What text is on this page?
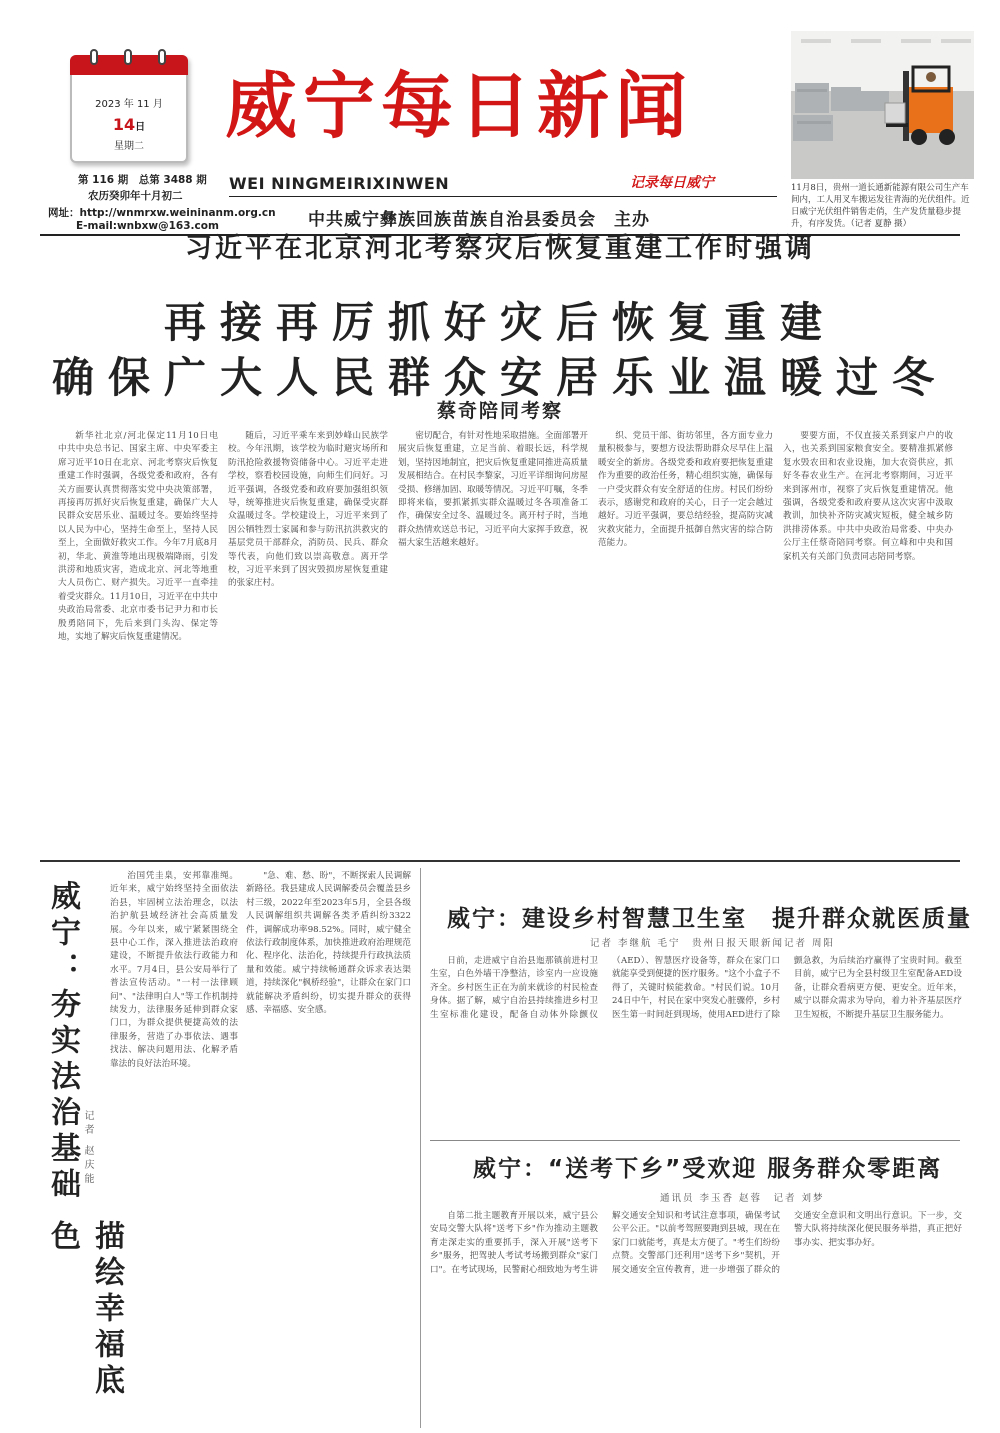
2023 年 11 月
14日
星期二
第 116 期　总第 3488 期
农历癸卯年十月初二
网址：http://wnmrxw.weininanm.org.cn
E-mail:wnbxw@163.com
威宁每日新闻
WEI NINGMEIRIXINWEN	记录每日威宁
中共威宁彝族回族苗族自治县委员会　主办
11月8日，贵州一道长通新能源有限公司生产车间内，工人用叉车搬运发往青海的光伏组件。近日威宁光伏组件销售走俏，生产发货量稳步提升，有序发货。（记者 夏静 摄）
习近平在北京河北考察灾后恢复重建工作时强调
再接再厉抓好灾后恢复重建
确保广大人民群众安居乐业温暖过冬
蔡奇陪同考察
新华社北京/河北保定11月10日电　中共中央总书记、国家主席、中央军委主席习近平10日在北京、河北考察灾后恢复重建工作时强调，各级党委和政府，各有关方面要认真贯彻落实党中央决策部署，再接再厉抓好灾后恢复重建，确保广大人民群众安居乐业、温暖过冬。要始终坚持以人民为中心，坚持生命至上，坚持人民至上，全面做好救灾工作。今年7月底8月初，华北、黄淮等地出现极端降雨，引发洪涝和地质灾害，造成北京、河北等地重大人员伤亡、财产损失。习近平一直牵挂着受灾群众。11月10日，习近平在中共中央政治局常委、北京市委书记尹力和市长殷勇陪同下，先后来到门头沟、保定等地，实地了解灾后恢复重建情况。
随后，习近平乘车来到妙峰山民族学校。今年汛期，该学校为临时避灾场所和防汛抢险救援物资储备中心。习近平走进学校，察看校园设施，向师生们问好。习近平强调，各级党委和政府要加强组织领导，统筹推进灾后恢复重建，确保受灾群众温暖过冬。学校建设上，习近平来到了因公牺牲烈士家属和参与防汛抗洪救灾的基层党员干部群众，消防员、民兵、群众等代表，向他们致以崇高敬意。离开学校，习近平来到了因灾毁损房屋恢复重建的张家庄村。
密切配合，有针对性地采取措施。全面部署开展灾后恢复重建，立足当前、着眼长远，科学规划，坚持因地制宜，把灾后恢复重建同推进高质量发展相结合。在村民李黎家，习近平详细询问房屋受损、修缮加固、取暖等情况。习近平叮嘱，冬季即将来临，要抓紧抓实群众温暖过冬各项准备工作，确保安全过冬、温暖过冬。离开村子时，当地群众热情欢送总书记，习近平向大家挥手致意，祝福大家生活越来越好。
织、党员干部、街坊邻里，各方面专业力量积极参与，要想方设法帮助群众尽早住上温暖安全的新房。各级党委和政府要把恢复重建作为重要的政治任务，精心组织实施，确保每一户受灾群众有安全舒适的住房。村民们纷纷表示，感谢党和政府的关心，日子一定会越过越好。习近平强调，要总结经验，提高防灾减灾救灾能力，全面提升抵御自然灾害的综合防范能力。
要要方面，不仅直接关系到家户户的收入，也关系到国家粮食安全。要精准抓紧修复水毁农田和农业设施，加大农资供应，抓好冬春农业生产。在河北考察期间，习近平来到涿州市，视察了灾后恢复重建情况。他强调，各级党委和政府要从这次灾害中汲取教训，加快补齐防灾减灾短板，健全城乡防洪排涝体系。中共中央政治局常委、中央办公厅主任蔡奇陪同考察。何立峰和中央和国家机关有关部门负责同志陪同考察。
威宁：夯实法治基础
描绘幸福底色
记者 赵庆能
治国凭圭臬，安邦靠准绳。近年来，威宁始终坚持全面依法治县，牢固树立法治理念，以法治护航县域经济社会高质量发展。今年以来，威宁紧紧围绕全县中心工作，深入推进法治政府建设，不断提升依法行政能力和水平。7月4日，县公安局举行了普法宣传活动。"一村一法律顾问"、"法律明白人"等工作机制持续发力，法律服务延伸到群众家门口，为群众提供便捷高效的法律服务，营造了办事依法、遇事找法、解决问题用法、化解矛盾靠法的良好法治环境。
"急、难、愁、盼"，不断探索人民调解新路径。我县建成人民调解委员会覆盖县乡村三级，2022年至2023年5月，全县各级人民调解组织共调解各类矛盾纠纷3322件，调解成功率98.52%。同时，威宁健全依法行政制度体系，加快推进政府治理规范化、程序化、法治化，持续提升行政执法质量和效能。威宁持续畅通群众诉求表达渠道，持续深化"枫桥经验"，让群众在家门口就能解决矛盾纠纷，切实提升群众的获得感、幸福感、安全感。
威宁：建设乡村智慧卫生室　提升群众就医质量
记者 李继航 毛宁　贵州日报天眼新闻记者 周阳
日前，走进威宁自治县迤那镇前进村卫生室，白色外墙干净整洁，诊室内一应设施齐全。乡村医生正在为前来就诊的村民检查身体。据了解，威宁自治县持续推进乡村卫生室标准化建设，配备自动体外除颤仪（AED）、智慧医疗设备等，群众在家门口就能享受到便捷的医疗服务。"这个小盒子不得了，关键时候能救命。"村民们说。10月24日中午，村民在家中突发心脏骤停，乡村医生第一时间赶到现场，使用AED进行了除颤急救，为后续治疗赢得了宝贵时间。截至目前，威宁已为全县村级卫生室配备AED设备，让群众看病更方便、更安全。近年来，威宁以群众需求为导向，着力补齐基层医疗卫生短板，不断提升基层卫生服务能力。
威宁：“送考下乡”受欢迎 服务群众零距离
通讯员 李玉香 赵蓉　记者 刘梦
自第二批主题教育开展以来，威宁县公安局交警大队将"送考下乡"作为推动主题教育走深走实的重要抓手，深入开展"送考下乡"服务，把驾驶人考试考场搬到群众"家门口"。在考试现场，民警耐心细致地为考生讲解交通安全知识和考试注意事项，确保考试公平公正。"以前考驾照要跑到县城，现在在家门口就能考，真是太方便了。"考生们纷纷点赞。交警部门还利用"送考下乡"契机，开展交通安全宣传教育，进一步增强了群众的交通安全意识和文明出行意识。下一步，交警大队将持续深化便民服务举措，真正把好事办实、把实事办好。
